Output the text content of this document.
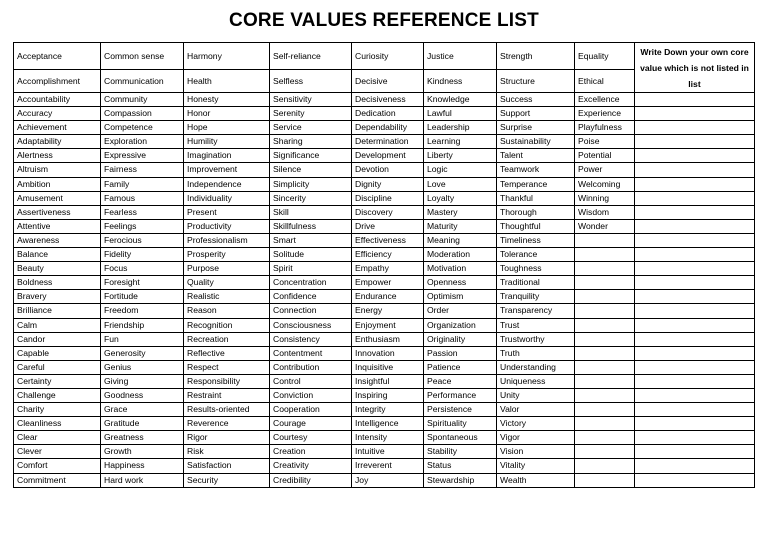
CORE VALUES REFERENCE LIST
Acceptance	Common sense	Harmony	Self-reliance	Curiosity	Justice	Strength	Equality	Write Down your own core value which is not listed in list
Accomplishment	Communication	Health	Selfless	Decisive	Kindness	Structure	Ethical	
Accountability	Community	Honesty	Sensitivity	Decisiveness	Knowledge	Success	Excellence	
Accuracy	Compassion	Honor	Serenity	Dedication	Lawful	Support	Experience	
Achievement	Competence	Hope	Service	Dependability	Leadership	Surprise	Playfulness	
Adaptability	Exploration	Humility	Sharing	Determination	Learning	Sustainability	Poise	
Alertness	Expressive	Imagination	Significance	Development	Liberty	Talent	Potential	
Altruism	Fairness	Improvement	Silence	Devotion	Logic	Teamwork	Power	
Ambition	Family	Independence	Simplicity	Dignity	Love	Temperance	Welcoming	
Amusement	Famous	Individuality	Sincerity	Discipline	Loyalty	Thankful	Winning	
Assertiveness	Fearless	Present	Skill	Discovery	Mastery	Thorough	Wisdom	
Attentive	Feelings	Productivity	Skillfulness	Drive	Maturity	Thoughtful	Wonder	
Awareness	Ferocious	Professionalism	Smart	Effectiveness	Meaning	Timeliness		
Balance	Fidelity	Prosperity	Solitude	Efficiency	Moderation	Tolerance		
Beauty	Focus	Purpose	Spirit	Empathy	Motivation	Toughness		
Boldness	Foresight	Quality	Concentration	Empower	Openness	Traditional		
Bravery	Fortitude	Realistic	Confidence	Endurance	Optimism	Tranquility		
Brilliance	Freedom	Reason	Connection	Energy	Order	Transparency		
Calm	Friendship	Recognition	Consciousness	Enjoyment	Organization	Trust		
Candor	Fun	Recreation	Consistency	Enthusiasm	Originality	Trustworthy		
Capable	Generosity	Reflective	Contentment	Innovation	Passion	Truth		
Careful	Genius	Respect	Contribution	Inquisitive	Patience	Understanding		
Certainty	Giving	Responsibility	Control	Insightful	Peace	Uniqueness		
Challenge	Goodness	Restraint	Conviction	Inspiring	Performance	Unity		
Charity	Grace	Results-oriented	Cooperation	Integrity	Persistence	Valor		
Cleanliness	Gratitude	Reverence	Courage	Intelligence	Spirituality	Victory		
Clear	Greatness	Rigor	Courtesy	Intensity	Spontaneous	Vigor		
Clever	Growth	Risk	Creation	Intuitive	Stability	Vision		
Comfort	Happiness	Satisfaction	Creativity	Irreverent	Status	Vitality		
Commitment	Hard work	Security	Credibility	Joy	Stewardship	Wealth		
